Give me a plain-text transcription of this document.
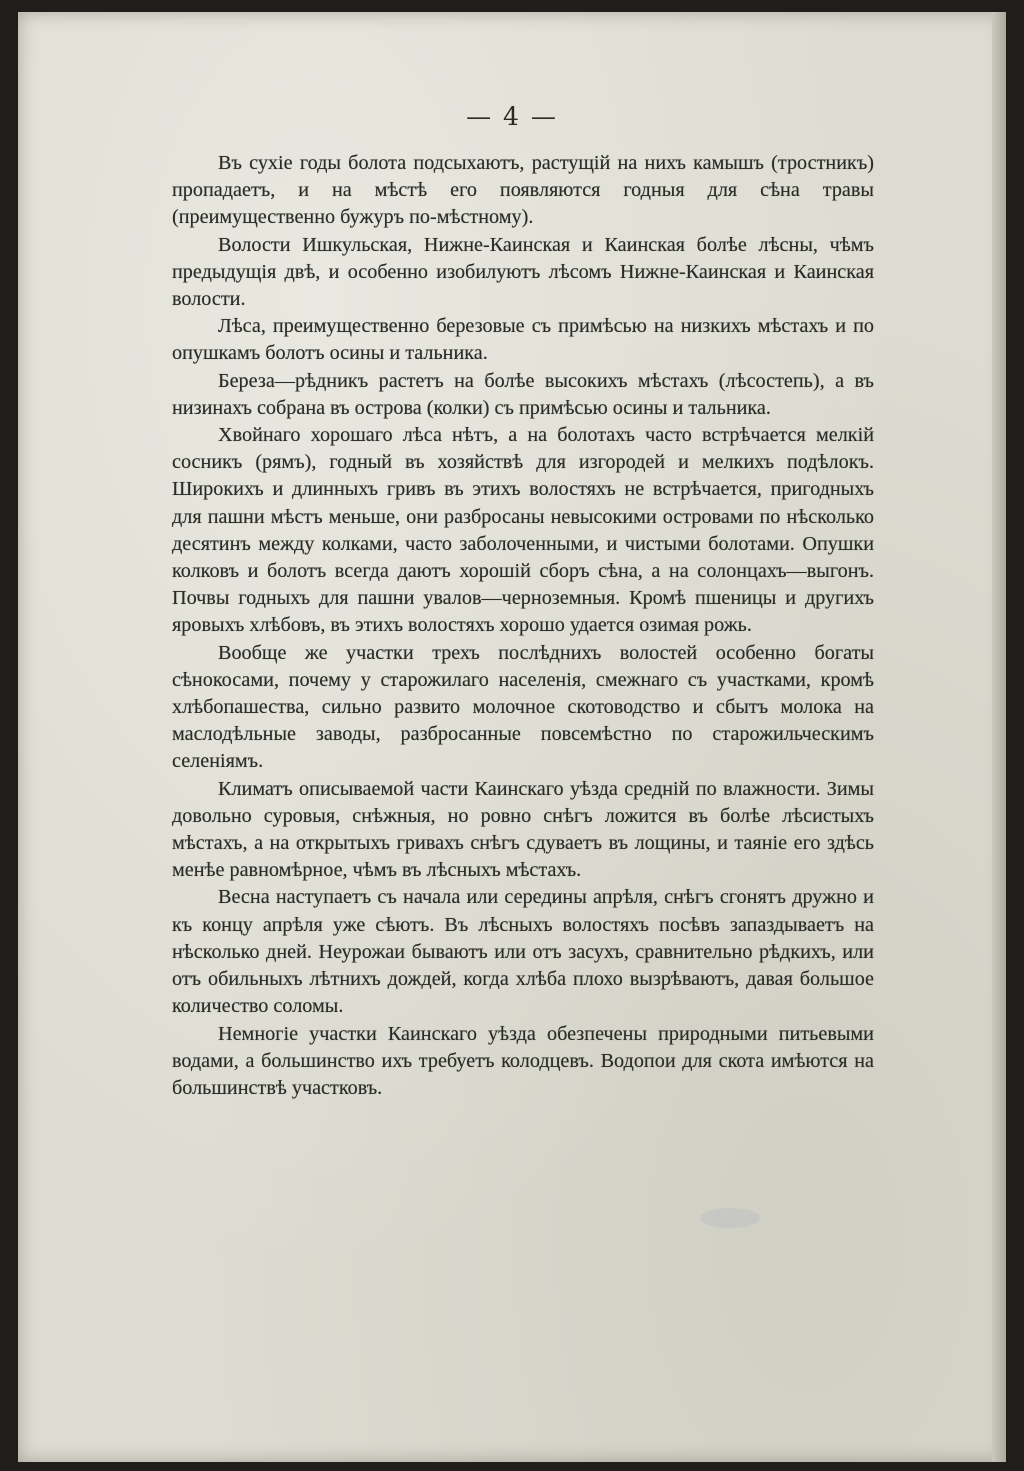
— 4 —

Въ сухіе годы болота подсыхаютъ, растущій на нихъ камышъ (тростникъ) пропадаетъ, и на мѣстѣ его появляются годныя для сѣна травы (преимущественно бужуръ по-мѣстному).

Волости Ишкульская, Нижне-Каинская и Каинская болѣе лѣсны, чѣмъ предыдущія двѣ, и особенно изобилуютъ лѣсомъ Нижне-Каинская и Каинская волости.

Лѣса, преимущественно березовые съ примѣсью на низкихъ мѣстахъ и по опушкамъ болотъ осины и тальника.

Береза—рѣдникъ растетъ на болѣе высокихъ мѣстахъ (лѣсостепь), а въ низинахъ собрана въ острова (колки) съ примѣсью осины и тальника.

Хвойнаго хорошаго лѣса нѣтъ, а на болотахъ часто встрѣчается мелкій сосникъ (рямъ), годный въ хозяйствѣ для изгородей и мелкихъ подѣлокъ. Широкихъ и длинныхъ гривъ въ этихъ волостяхъ не встрѣчается, пригодныхъ для пашни мѣстъ меньше, они разбросаны невысокими островами по нѣсколько десятинъ между колками, часто заболоченными, и чистыми болотами. Опушки колковъ и болотъ всегда даютъ хорошій сборъ сѣна, а на солонцахъ—выгонъ. Почвы годныхъ для пашни увалов—черноземныя. Кромѣ пшеницы и другихъ яровыхъ хлѣбовъ, въ этихъ волостяхъ хорошо удается озимая рожь.

Вообще же участки трехъ послѣднихъ волостей особенно богаты сѣнокосами, почему у старожилаго населенія, смежнаго съ участками, кромѣ хлѣбопашества, сильно развито молочное скотоводство и сбытъ молока на маслодѣльные заводы, разбросанные повсемѣстно по старожильческимъ селеніямъ.

Климатъ описываемой части Каинскаго уѣзда средній по влажности. Зимы довольно суровыя, снѣжныя, но ровно снѣгъ ложится въ болѣе лѣсистыхъ мѣстахъ, а на открытыхъ гривахъ снѣгъ сдуваетъ въ лощины, и таяніе его здѣсь менѣе равномѣрное, чѣмъ въ лѣсныхъ мѣстахъ.

Весна наступаетъ съ начала или середины апрѣля, снѣгъ сгонятъ дружно и къ концу апрѣля уже сѣютъ. Въ лѣсныхъ волостяхъ посѣвъ запаздываетъ на нѣсколько дней. Неурожаи бываютъ или отъ засухъ, сравнительно рѣдкихъ, или отъ обильныхъ лѣтнихъ дождей, когда хлѣба плохо вызрѣваютъ, давая большое количество соломы.

Немногіе участки Каинскаго уѣзда обезпечены природными питьевыми водами, а большинство ихъ требуетъ колодцевъ. Водопои для скота имѣются на большинствѣ участковъ.
